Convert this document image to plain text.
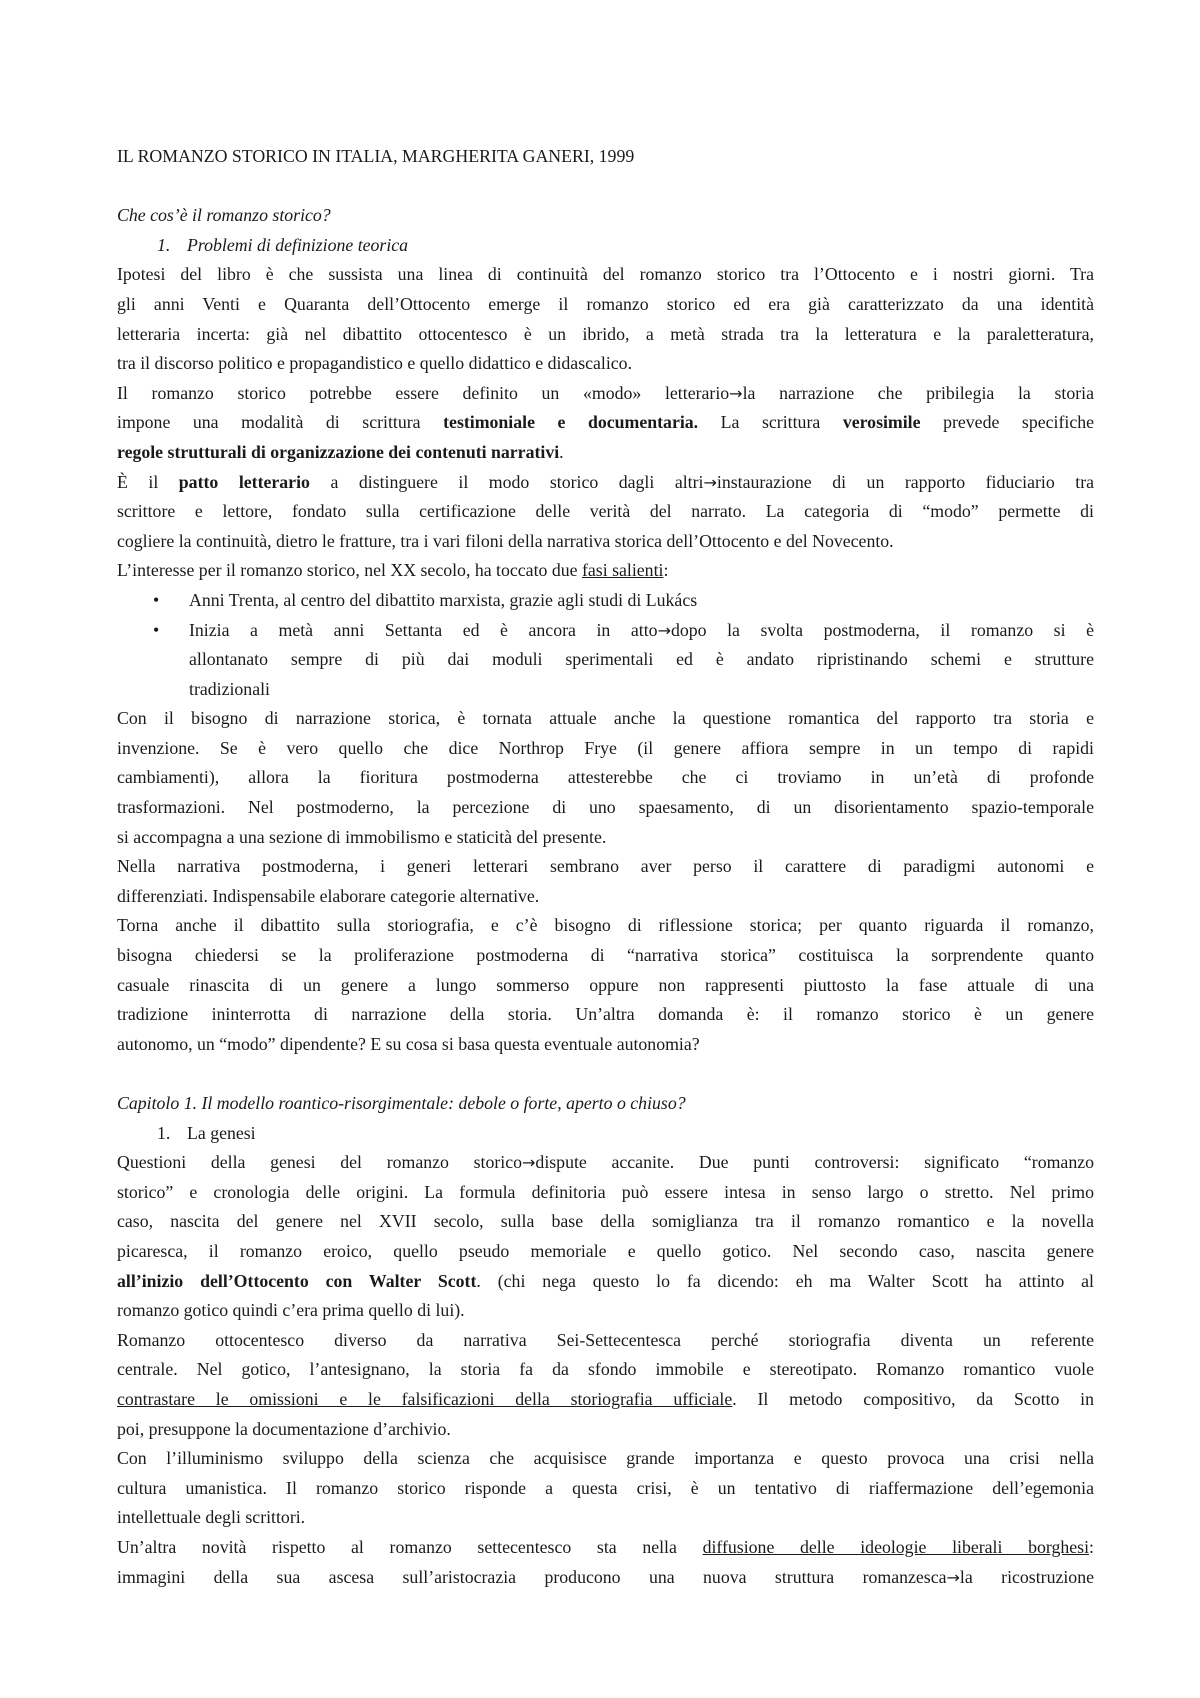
IL ROMANZO STORICO IN ITALIA, MARGHERITA GANERI, 1999
Che cos’è il romanzo storico?
1. Problemi di definizione teorica
Ipotesi del libro è che sussista una linea di continuità del romanzo storico tra l’Ottocento e i nostri giorni. Tra
gli anni Venti e Quaranta dell’Ottocento emerge il romanzo storico ed era già caratterizzato da una identità
letteraria incerta: già nel dibattito ottocentesco è un ibrido, a metà strada tra la letteratura e la paraletteratura,
tra il discorso politico e propagandistico e quello didattico e didascalico.
Il romanzo storico potrebbe essere definito un «modo» letterario→la narrazione che pribilegia la storia
impone una modalità di scrittura testimoniale e documentaria. La scrittura verosimile prevede specifiche
regole strutturali di organizzazione dei contenuti narrativi.
È il patto letterario a distinguere il modo storico dagli altri→instaurazione di un rapporto fiduciario tra
scrittore e lettore, fondato sulla certificazione delle verità del narrato. La categoria di “modo” permette di
cogliere la continuità, dietro le fratture, tra i vari filoni della narrativa storica dell’Ottocento e del Novecento.
L’interesse per il romanzo storico, nel XX secolo, ha toccato due fasi salienti:
• Anni Trenta, al centro del dibattito marxista, grazie agli studi di Lukács
• Inizia a metà anni Settanta ed è ancora in atto→dopo la svolta postmoderna, il romanzo si è
allontanato sempre di più dai moduli sperimentali ed è andato ripristinando schemi e strutture
tradizionali
Con il bisogno di narrazione storica, è tornata attuale anche la questione romantica del rapporto tra storia e
invenzione. Se è vero quello che dice Northrop Frye (il genere affiora sempre in un tempo di rapidi
cambiamenti), allora la fioritura postmoderna attesterebbe che ci troviamo in un’età di profonde
trasformazioni. Nel postmoderno, la percezione di uno spaesamento, di un disorientamento spazio-temporale
si accompagna a una sezione di immobilismo e staticità del presente.
Nella narrativa postmoderna, i generi letterari sembrano aver perso il carattere di paradigmi autonomi e
differenziati. Indispensabile elaborare categorie alternative.
Torna anche il dibattito sulla storiografia, e c’è bisogno di riflessione storica; per quanto riguarda il romanzo,
bisogna chiedersi se la proliferazione postmoderna di “narrativa storica” costituisca la sorprendente quanto
casuale rinascita di un genere a lungo sommerso oppure non rappresenti piuttosto la fase attuale di una
tradizione ininterrotta di narrazione della storia. Un’altra domanda è: il romanzo storico è un genere
autonomo, un “modo” dipendente? E su cosa si basa questa eventuale autonomia?
Capitolo 1. Il modello roantico-risorgimentale: debole o forte, aperto o chiuso?
1. La genesi
Questioni della genesi del romanzo storico→dispute accanite. Due punti controversi: significato “romanzo
storico” e cronologia delle origini. La formula definitoria può essere intesa in senso largo o stretto. Nel primo
caso, nascita del genere nel XVII secolo, sulla base della somiglianza tra il romanzo romantico e la novella
picaresca, il romanzo eroico, quello pseudo memoriale e quello gotico. Nel secondo caso, nascita genere
all’inizio dell’Ottocento con Walter Scott. (chi nega questo lo fa dicendo: eh ma Walter Scott ha attinto al
romanzo gotico quindi c’era prima quello di lui).
Romanzo ottocentesco diverso da narrativa Sei-Settecentesca perché storiografia diventa un referente
centrale. Nel gotico, l’antesignano, la storia fa da sfondo immobile e stereotipato. Romanzo romantico vuole
contrastare le omissioni e le falsificazioni della storiografia ufficiale. Il metodo compositivo, da Scotto in
poi, presuppone la documentazione d’archivio.
Con l’illuminismo sviluppo della scienza che acquisisce grande importanza e questo provoca una crisi nella
cultura umanistica. Il romanzo storico risponde a questa crisi, è un tentativo di riaffermazione dell’egemonia
intellettuale degli scrittori.
Un’altra novità rispetto al romanzo settecentesco sta nella diffusione delle ideologie liberali borghesi:
immagini della sua ascesa sull’aristocrazia producono una nuova struttura romanzesca→la ricostruzione
